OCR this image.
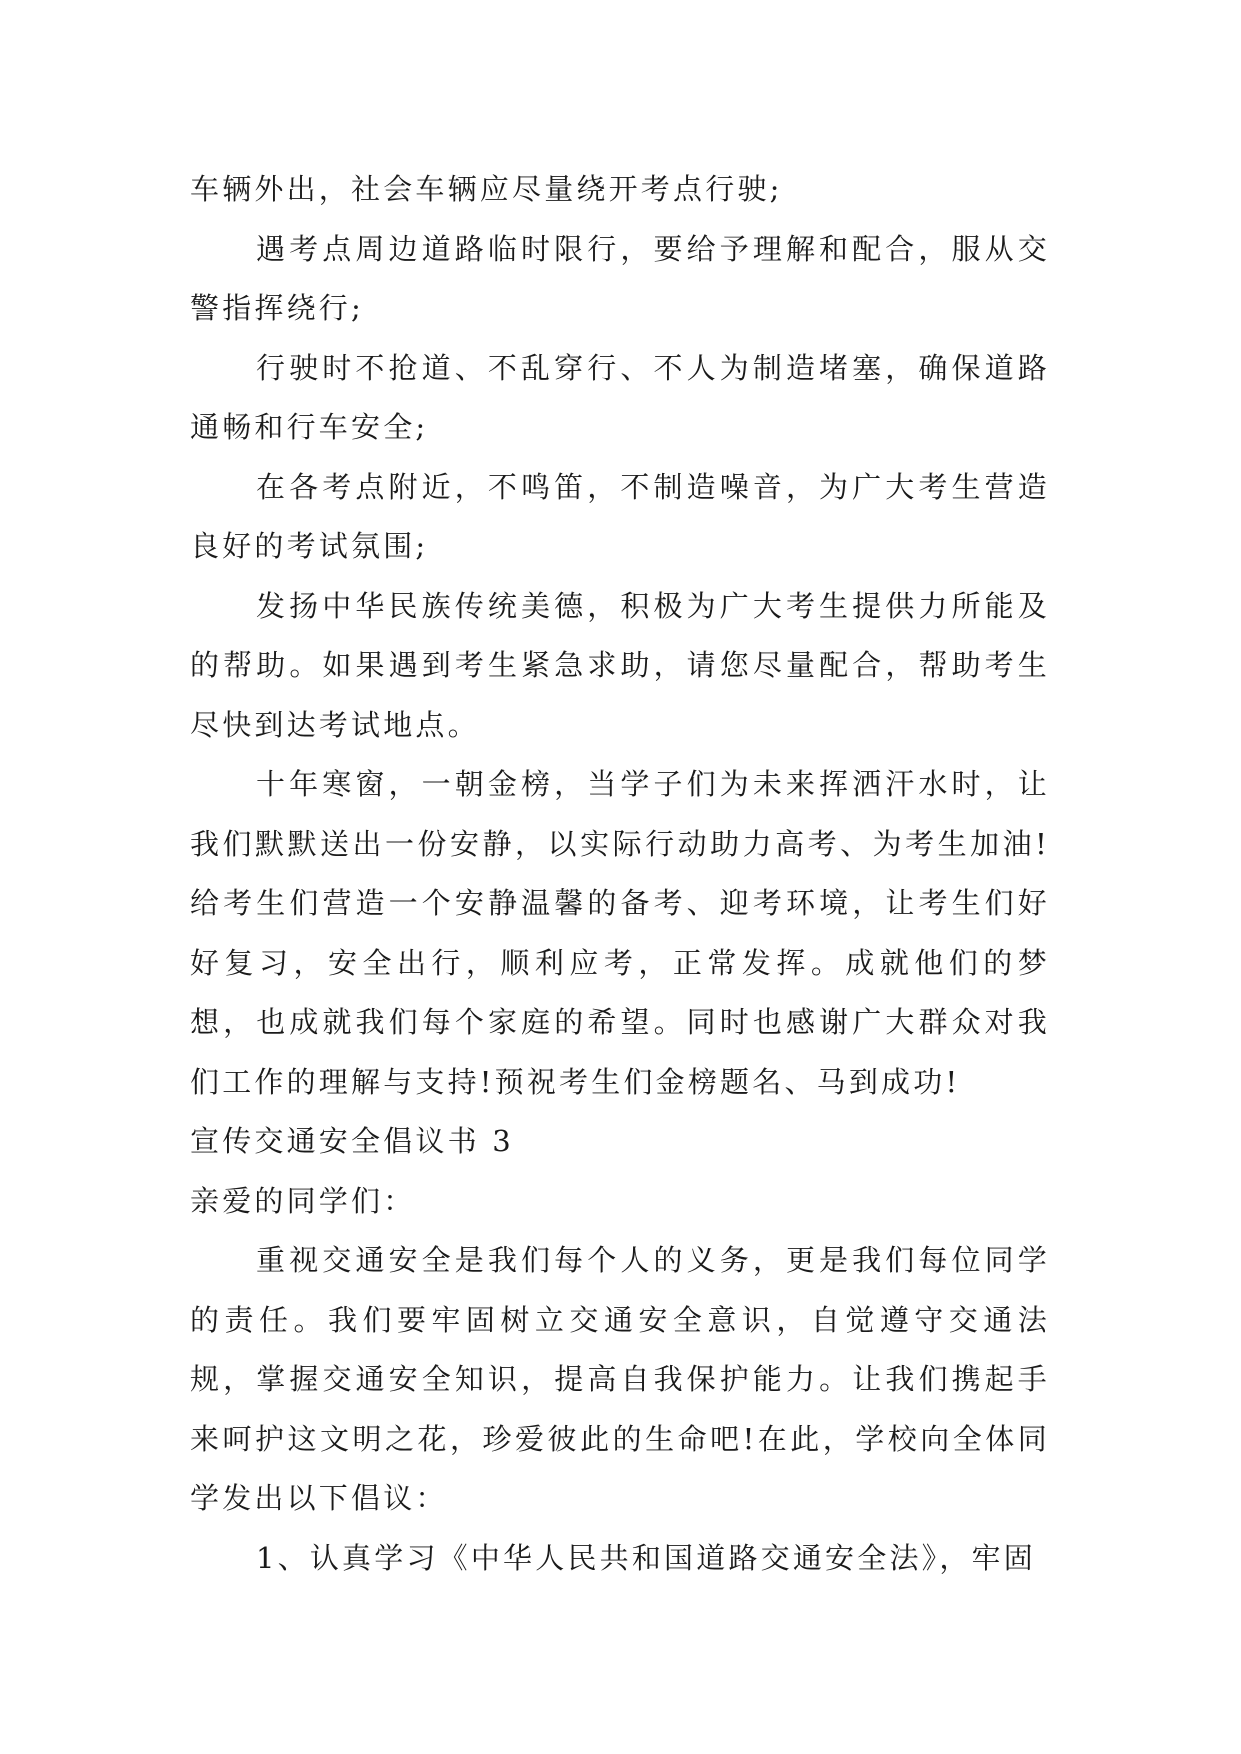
车辆外出，社会车辆应尽量绕开考点行驶;

遇考点周边道路临时限行，要给予理解和配合，服从交警指挥绕行;

行驶时不抢道、不乱穿行、不人为制造堵塞，确保道路通畅和行车安全;

在各考点附近，不鸣笛，不制造噪音，为广大考生营造良好的考试氛围;

发扬中华民族传统美德，积极为广大考生提供力所能及的帮助。如果遇到考生紧急求助，请您尽量配合，帮助考生尽快到达考试地点。

十年寒窗，一朝金榜，当学子们为未来挥洒汗水时，让我们默默送出一份安静，以实际行动助力高考、为考生加油!给考生们营造一个安静温馨的备考、迎考环境，让考生们好好复习，安全出行，顺利应考，正常发挥。成就他们的梦想，也成就我们每个家庭的希望。同时也感谢广大群众对我们工作的理解与支持!预祝考生们金榜题名、马到成功!

宣传交通安全倡议书 3

亲爱的同学们：

重视交通安全是我们每个人的义务，更是我们每位同学的责任。我们要牢固树立交通安全意识，自觉遵守交通法规，掌握交通安全知识，提高自我保护能力。让我们携起手来呵护这文明之花，珍爱彼此的生命吧!在此，学校向全体同学发出以下倡议：

1、认真学习《中华人民共和国道路交通安全法》，牢固
